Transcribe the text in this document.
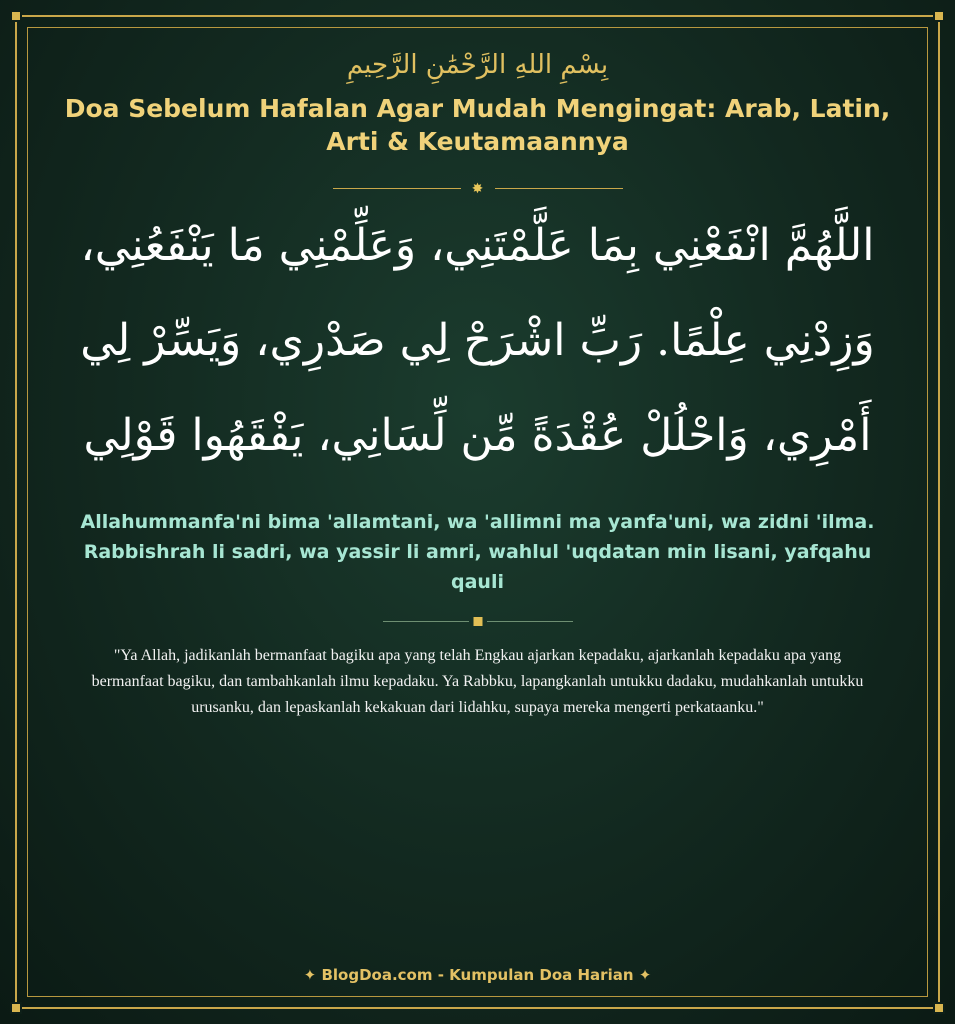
بِسْمِ اللهِ الرَّحْمَٰنِ الرَّحِيمِ
Doa Sebelum Hafalan Agar Mudah Mengingat: Arab, Latin, Arti & Keutamaannya
✸
اللَّهُمَّ انْفَعْنِي بِمَا عَلَّمْتَنِي، وَعَلِّمْنِي مَا يَنْفَعُنِي، وَزِدْنِي عِلْمًا. رَبِّ اشْرَحْ لِي صَدْرِي، وَيَسِّرْ لِي أَمْرِي، وَاحْلُلْ عُقْدَةً مِّن لِّسَانِي، يَفْقَهُوا قَوْلِي
Allahummanfa'ni bima 'allamtani, wa 'allimni ma yanfa'uni, wa zidni 'ilma. Rabbishrah li sadri, wa yassir li amri, wahlul 'uqdatan min lisani, yafqahu qauli
"Ya Allah, jadikanlah bermanfaat bagiku apa yang telah Engkau ajarkan kepadaku, ajarkanlah kepadaku apa yang bermanfaat bagiku, dan tambahkanlah ilmu kepadaku. Ya Rabbku, lapangkanlah untukku dadaku, mudahkanlah untukku urusanku, dan lepaskanlah kekakuan dari lidahku, supaya mereka mengerti perkataanku."
✦ BlogDoa.com - Kumpulan Doa Harian ✦
